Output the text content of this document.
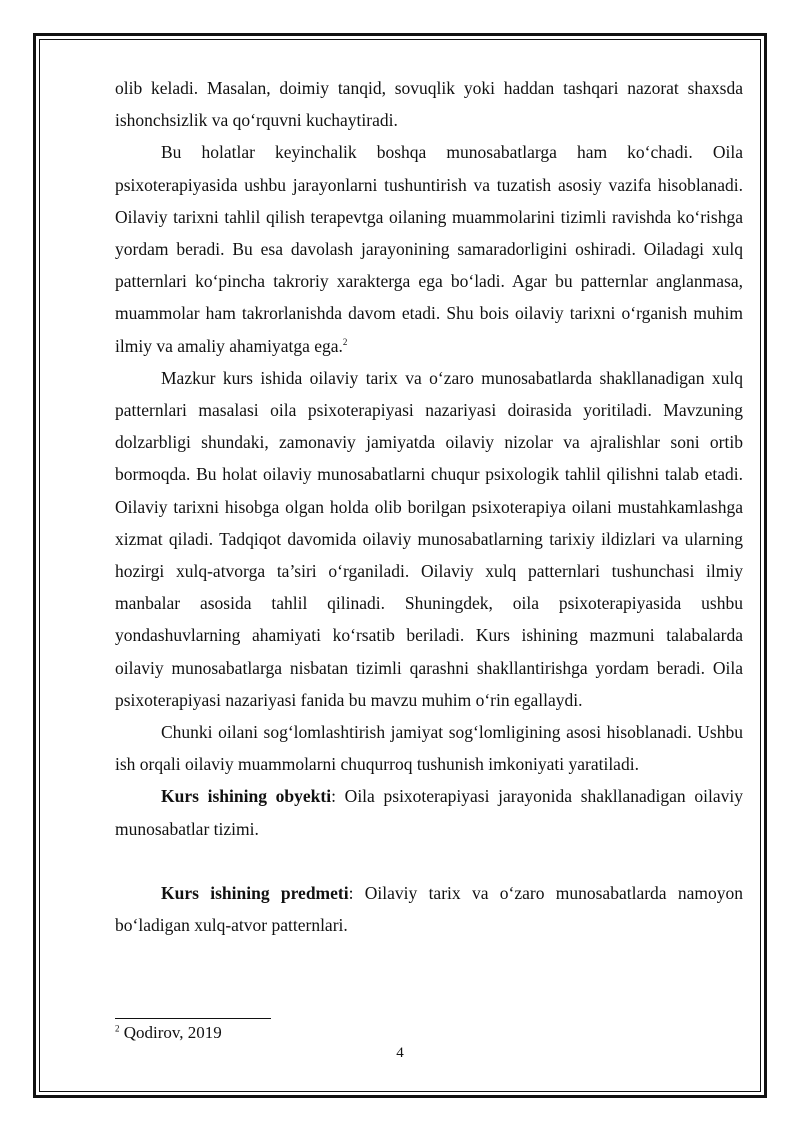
olib keladi. Masalan, doimiy tanqid, sovuqlik yoki haddan tashqari nazorat shaxsda ishonchsizlik va qo‘rquvni kuchaytiradi.

Bu holatlar keyinchalik boshqa munosabatlarga ham ko‘chadi. Oila psixoterapiyasida ushbu jarayonlarni tushuntirish va tuzatish asosiy vazifa hisoblanadi. Oilaviy tarixni tahlil qilish terapevtga oilaning muammolarini tizimli ravishda ko‘rishga yordam beradi. Bu esa davolash jarayonining samaradorligini oshiradi. Oiladagi xulq patternlari ko‘pincha takroriy xarakterga ega bo‘ladi. Agar bu patternlar anglanmasa, muammolar ham takrorlanishda davom etadi. Shu bois oilaviy tarixni o‘rganish muhim ilmiy va amaliy ahamiyatga ega.$^2$

Mazkur kurs ishida oilaviy tarix va o‘zaro munosabatlarda shakllanadigan xulq patternlari masalasi oila psixoterapiyasi nazariyasi doirasida yoritiladi. Mavzuning dolzarbligi shundaki, zamonaviy jamiyatda oilaviy nizolar va ajralishlar soni ortib bormoqda. Bu holat oilaviy munosabatlarni chuqur psixologik tahlil qilishni talab etadi. Oilaviy tarixni hisobga olgan holda olib borilgan psixoterapiya oilani mustahkamlashga xizmat qiladi. Tadqiqot davomida oilaviy munosabatlarning tarixiy ildizlari va ularning hozirgi xulq-atvorga ta’siri o‘rganiladi. Oilaviy xulq patternlari tushunchasi ilmiy manbalar asosida tahlil qilinadi. Shuningdek, oila psixoterapiyasida ushbu yondashuvlarning ahamiyati ko‘rsatib beriladi. Kurs ishining mazmuni talabalarda oilaviy munosabatlarga nisbatan tizimli qarashni shakllantirishga yordam beradi. Oila psixoterapiyasi nazariyasi fanida bu mavzu muhim o‘rin egallaydi.

Chunki oilani sog‘lomlashtirish jamiyat sog‘lomligining asosi hisoblanadi. Ushbu ish orqali oilaviy muammolarni chuqurroq tushunish imkoniyati yaratiladi.

Kurs ishining obyekti: Oila psixoterapiyasi jarayonida shakllanadigan oilaviy munosabatlar tizimi.

Kurs ishining predmeti: Oilaviy tarix va o‘zaro munosabatlarda namoyon bo‘ladigan xulq-atvor patternlari.

$^2$ Qodirov, 2019
4
